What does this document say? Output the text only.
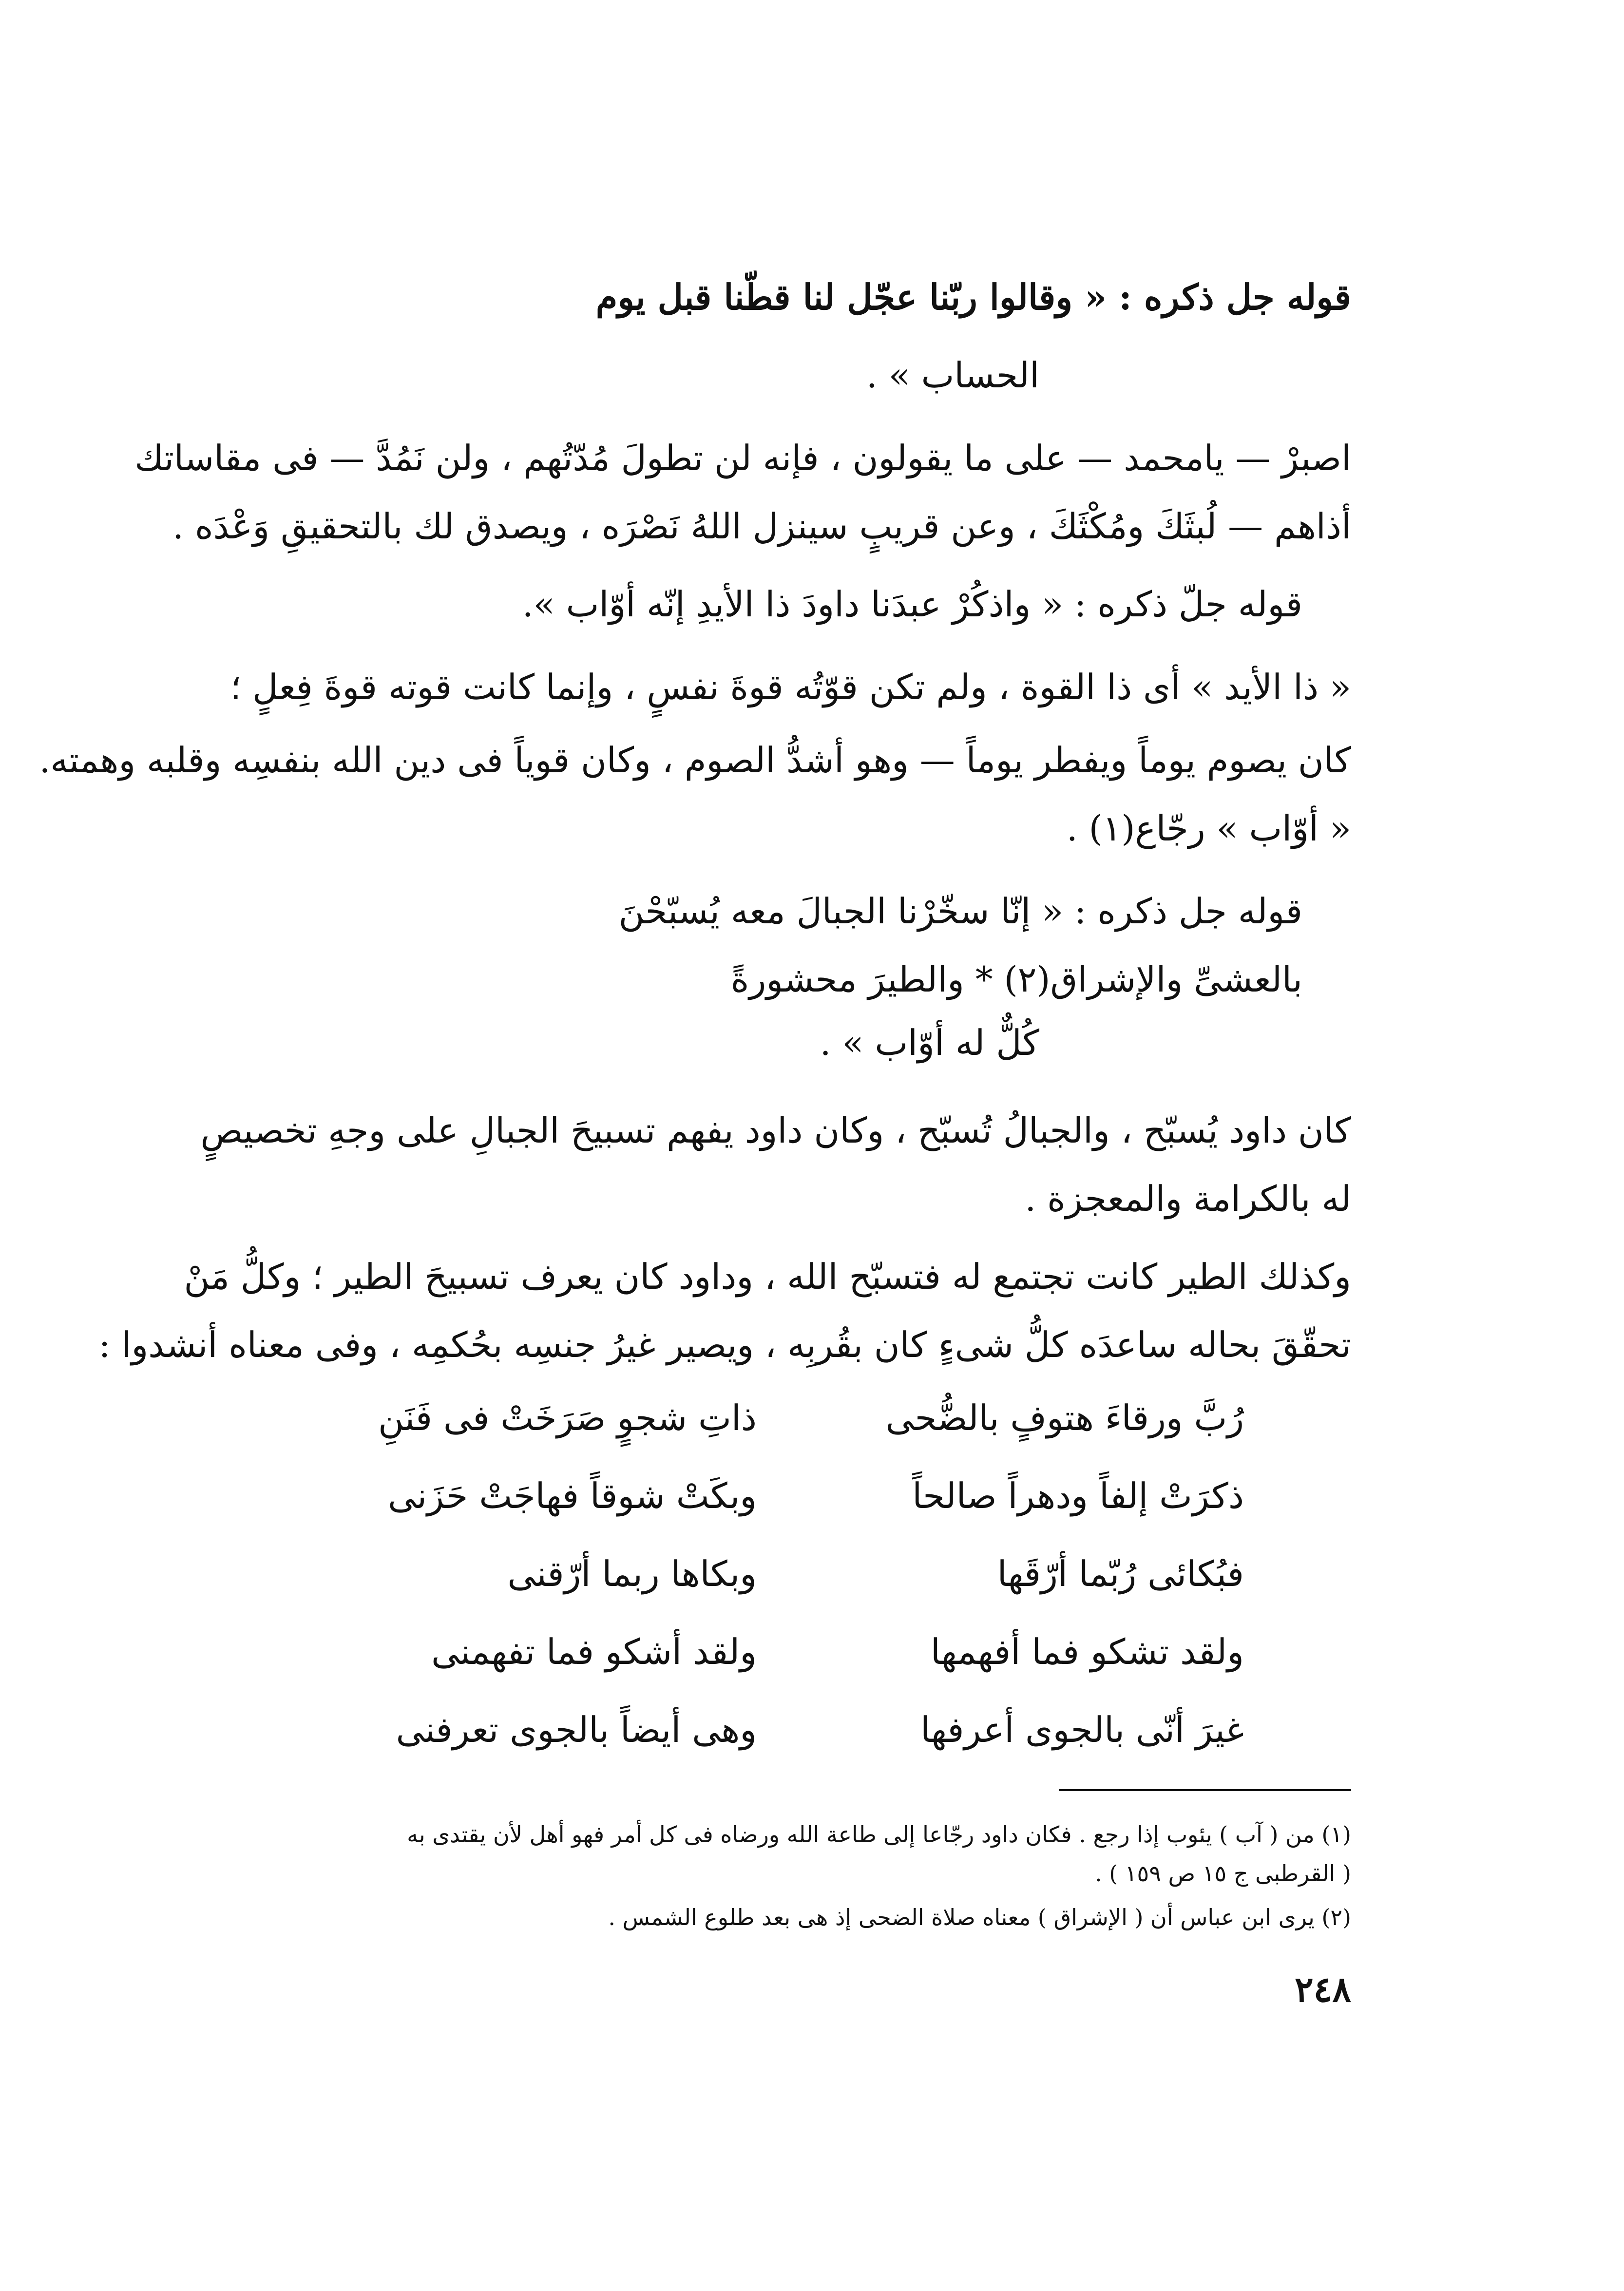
قوله جل ذكره : « وقالوا ربّنا عجّل لنا قطّنا قبل يوم
الحساب » .
اصبرْ — يامحمد — على ما يقولون ، فإنه لن تطولَ مُدّتُهم ، ولن نَمُدَّ — فى مقاساتك
أذاهم — لُبثَكَ ومُكْثَكَ ، وعن قريبٍ سينزل اللهُ نَصْرَه ، ويصدق لك بالتحقيقِ وَعْدَه .
قوله جلّ ذكره : « واذكُرْ عبدَنا داودَ ذا الأيدِ إنّه أوّاب ».
« ذا الأيد » أى ذا القوة ، ولم تكن قوّتُه قوةَ نفسٍ ، وإنما كانت قوته قوةَ فِعلٍ ؛
كان يصوم يوماً ويفطر يوماً — وهو أشدُّ الصوم ، وكان قوياً فى دين الله بنفسِه وقلبه وهمته.
« أوّاب » رجّاع(١) .
قوله جل ذكره : « إنّا سخّرْنا الجبالَ معه يُسبّحْنَ
بالعشىِّ والإشراق(٢) * والطيرَ محشورةً
كُلٌّ له أوّاب » .
كان داود يُسبّح ، والجبالُ تُسبّح ، وكان داود يفهم تسبيحَ الجبالِ على وجهِ تخصيصٍ
له بالكرامة والمعجزة .
وكذلك الطير كانت تجتمع له فتسبّح الله ، وداود كان يعرف تسبيحَ الطير ؛ وكلُّ مَنْ
تحقّقَ بحاله ساعدَه كلُّ شىءٍ كان بقُربِه ، ويصير غيرُ جنسِه بحُكمِه ، وفى معناه أنشدوا :
رُبَّ ورقاءَ هتوفٍ بالضُّحى
ذاتِ شجوٍ صَرَخَتْ فى فَنَنِ
ذكرَتْ إلفاً ودهراً صالحاً
وبكَتْ شوقاً فهاجَتْ حَزَنى
فبُكائى رُبّما أرّقَها
وبكاها ربما أرّقنى
ولقد تشكو فما أفهمها
ولقد أشكو فما تفهمنى
غيرَ أنّى بالجوى أعرفها
وهى أيضاً بالجوى تعرفنى
(١) من ( آب ) يئوب إذا رجع . فكان داود رجّاعا إلى طاعة الله ورضاه فى كل أمر فهو أهل لأن يقتدى به
( القرطبى ج ١٥ ص ١٥٩ ) .
(٢) يرى ابن عباس أن ( الإشراق ) معناه صلاة الضحى إذ هى بعد طلوع الشمس .
٢٤٨
